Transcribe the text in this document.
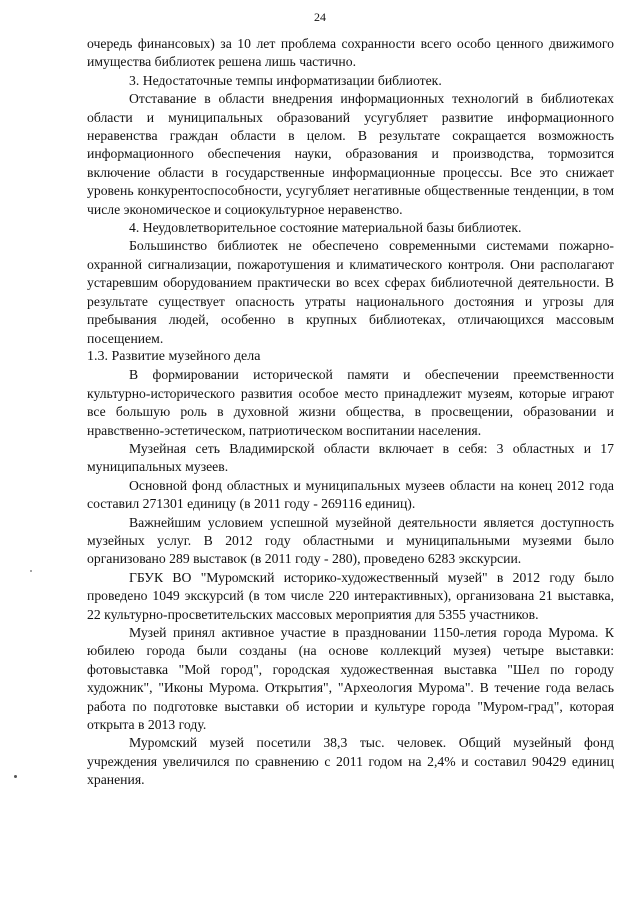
24

очередь финансовых) за 10 лет проблема сохранности всего особо ценного движимого имущества библиотек решена лишь частично.

3. Недостаточные темпы информатизации библиотек.

Отставание в области внедрения информационных технологий в библиотеках области и муниципальных образований усугубляет развитие информационного неравенства граждан области в целом. В результате сокращается возможность информационного обеспечения науки, образования и производства, тормозится включение области в государственные информационные процессы. Все это снижает уровень конкурентоспособности, усугубляет негативные общественные тенденции, в том числе экономическое и социокультурное неравенство.

4. Неудовлетворительное состояние материальной базы библиотек.

Большинство библиотек не обеспечено современными системами пожарно-охранной сигнализации, пожаротушения и климатического контроля. Они располагают устаревшим оборудованием практически во всех сферах библиотечной деятельности. В результате существует опасность утраты национального достояния и угрозы для пребывания людей, особенно в крупных библиотеках, отличающихся массовым посещением.

1.3. Развитие музейного дела

В формировании исторической памяти и обеспечении преемственности культурно-исторического развития особое место принадлежит музеям, которые играют все большую роль в духовной жизни общества, в просвещении, образовании и нравственно-эстетическом, патриотическом воспитании населения.

Музейная сеть Владимирской области включает в себя: 3 областных и 17 муниципальных музеев.

Основной фонд областных и муниципальных музеев области на конец 2012 года составил 271301 единицу (в 2011 году - 269116 единиц).

Важнейшим условием успешной музейной деятельности является доступность музейных услуг. В 2012 году областными и муниципальными музеями было организовано 289 выставок (в 2011 году - 280), проведено 6283 экскурсии.

ГБУК ВО "Муромский историко-художественный музей" в 2012 году было проведено 1049 экскурсий (в том числе 220 интерактивных), организована 21 выставка, 22 культурно-просветительских массовых мероприятия для 5355 участников.

Музей принял активное участие в праздновании 1150-летия города Мурома. К юбилею города были созданы (на основе коллекций музея) четыре выставки: фотовыставка "Мой город", городская художественная выставка "Шел по городу художник", "Иконы Мурома. Открытия", "Археология Мурома". В течение года велась работа по подготовке выставки об истории и культуре города "Муром-град", которая открыта в 2013 году.

Муромский музей посетили 38,3 тыс. человек. Общий музейный фонд учреждения увеличился по сравнению с 2011 годом на 2,4% и составил 90429 единиц хранения.
